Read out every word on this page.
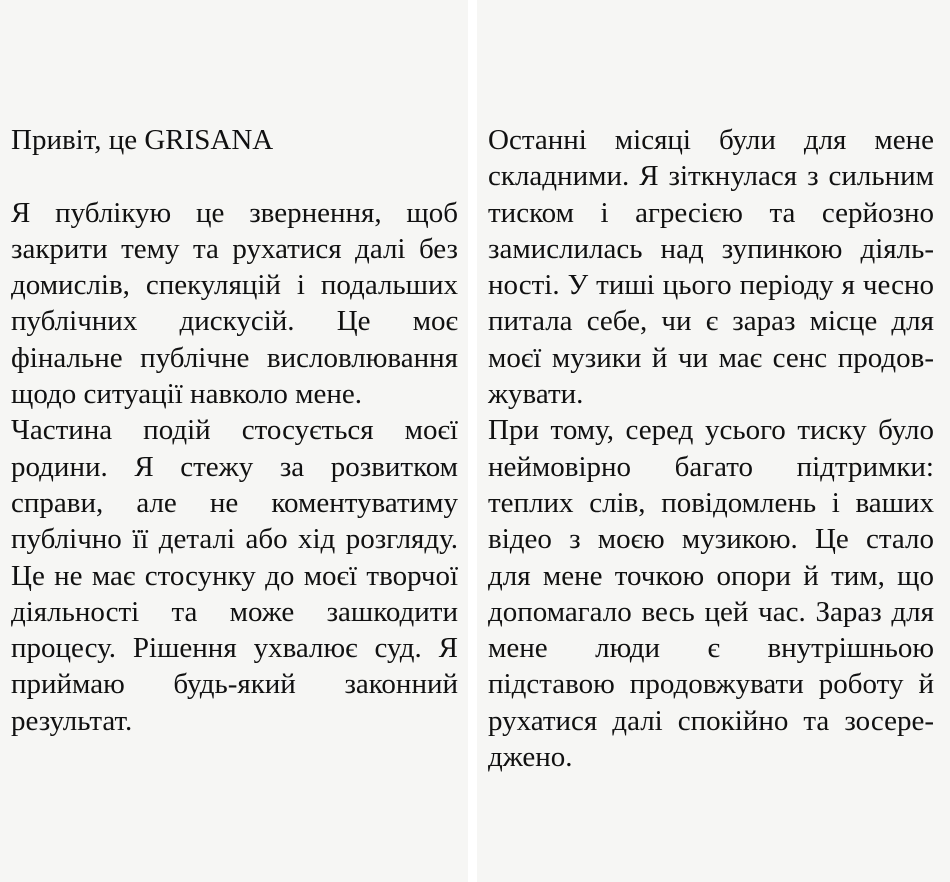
Привіт, це GRISANA

Я публікую це звернення, щоб закрити тему та рухатися далі без домислів, спекуляцій і подальших публічних дискусій. Це моє фінальне публічне висловлювання щодо ситуації навколо мене.

Частина подій стосується моєї родини. Я стежу за розвитком справи, але не коментуватиму публічно її деталі або хід розгляду. Це не має стосунку до моєї творчої діяльності та може зашкодити процесу. Рішення ухвалює суд. Я приймаю будь-який законний результат.

Останні місяці були для мене складними. Я зіткнулася з сильним тиском і агресією та серйозно замислилась над зупинкою діяльності. У тиші цього періоду я чесно питала себе, чи є зараз місце для моєї музики й чи має сенс продовжувати.

При тому, серед усього тиску було неймовірно багато підтримки: теплих слів, повідомлень і ваших відео з моєю музикою. Це стало для мене точкою опори й тим, що допомагало весь цей час. Зараз для мене люди є внутрішньою підставою продовжувати роботу й рухатися далі спокійно та зосереджено.
